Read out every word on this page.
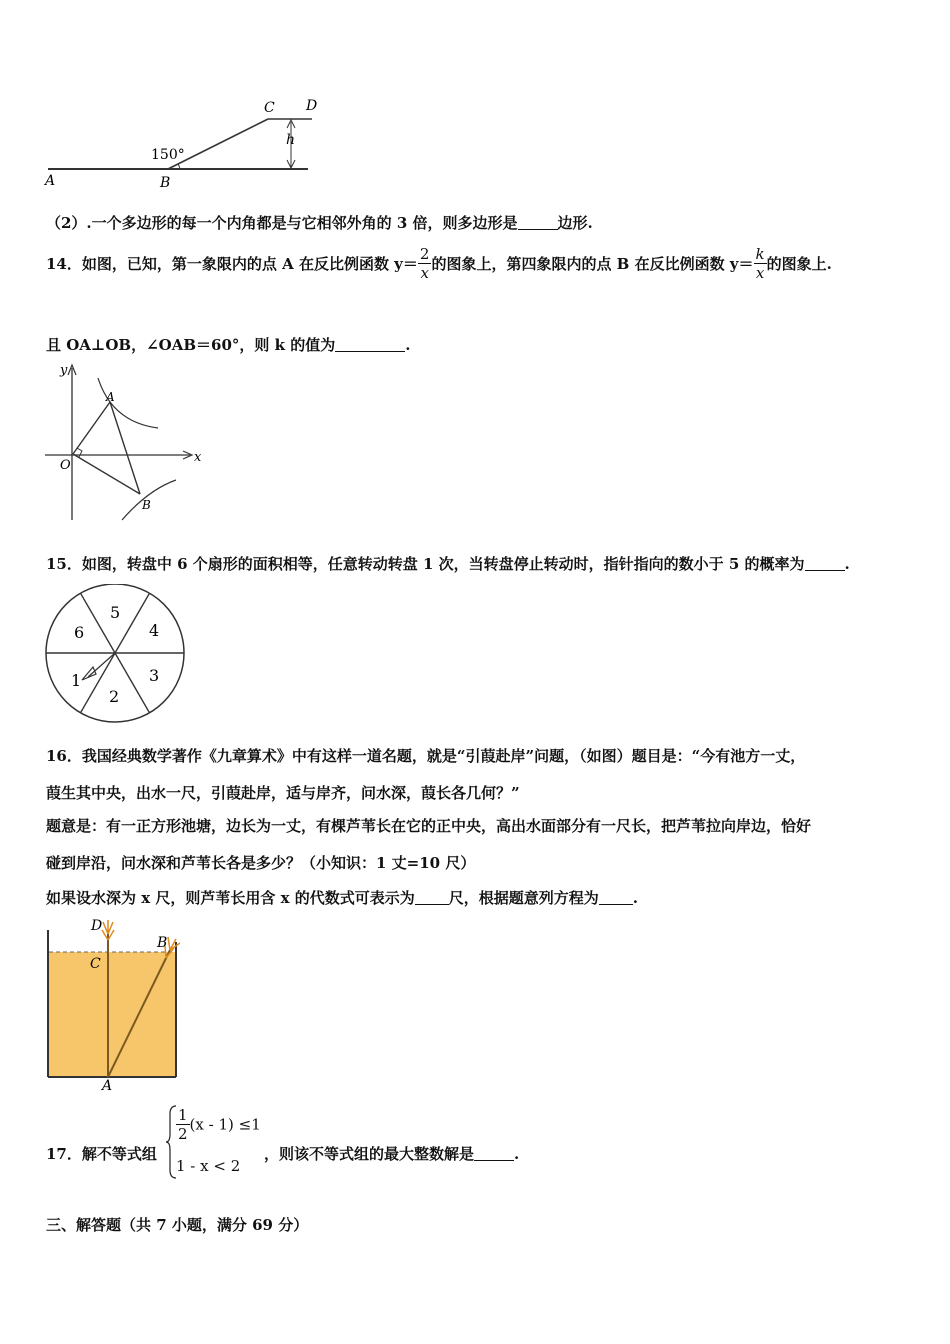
150°
A	B
C D
h
（2）.一个多边形的每一个内角都是与它相邻外角的 3 倍，则多边形是	边形.
14．如图，已知，第一象限内的点 A 在反比例函数 $y= \frac{2}{x}$ 的图象上，第四象限内的点 B 在反比例函数 $y= \frac{k}{x}$ 的图象上.
且 OA⊥OB，∠OAB＝60°，则 k 的值为	.
y
x
O
A
B
15．如图，转盘中 6 个扇形的面积相等，任意转动转盘 1 次，当转盘停止转动时，指针指向的数小于 5 的概率为	.
5
4
3
2
1
6
16．我国经典数学著作《九章算术》中有这样一道名题，就是“引葭赴岸”问题，（如图）题目是：“今有池方一丈，
葭生其中央，出水一尺，引葭赴岸，适与岸齐，问水深，葭长各几何？”
题意是：有一正方形池塘，边长为一丈，有棵芦苇长在它的正中央，高出水面部分有一尺长，把芦苇拉向岸边，恰好
碰到岸沿，问水深和芦苇长各是多少？（小知识：1 丈=10 尺）
如果设水深为 x 尺，则芦苇长用含 x 的代数式可表示为 尺，根据题意列方程为 .
D
C
B
A
17．解不等式组
$\frac{1}{2} (x - 1) \le 1$
1 - x < 2
，则该不等式组的最大整数解是	.
三、解答题（共 7 小题，满分 69 分）
